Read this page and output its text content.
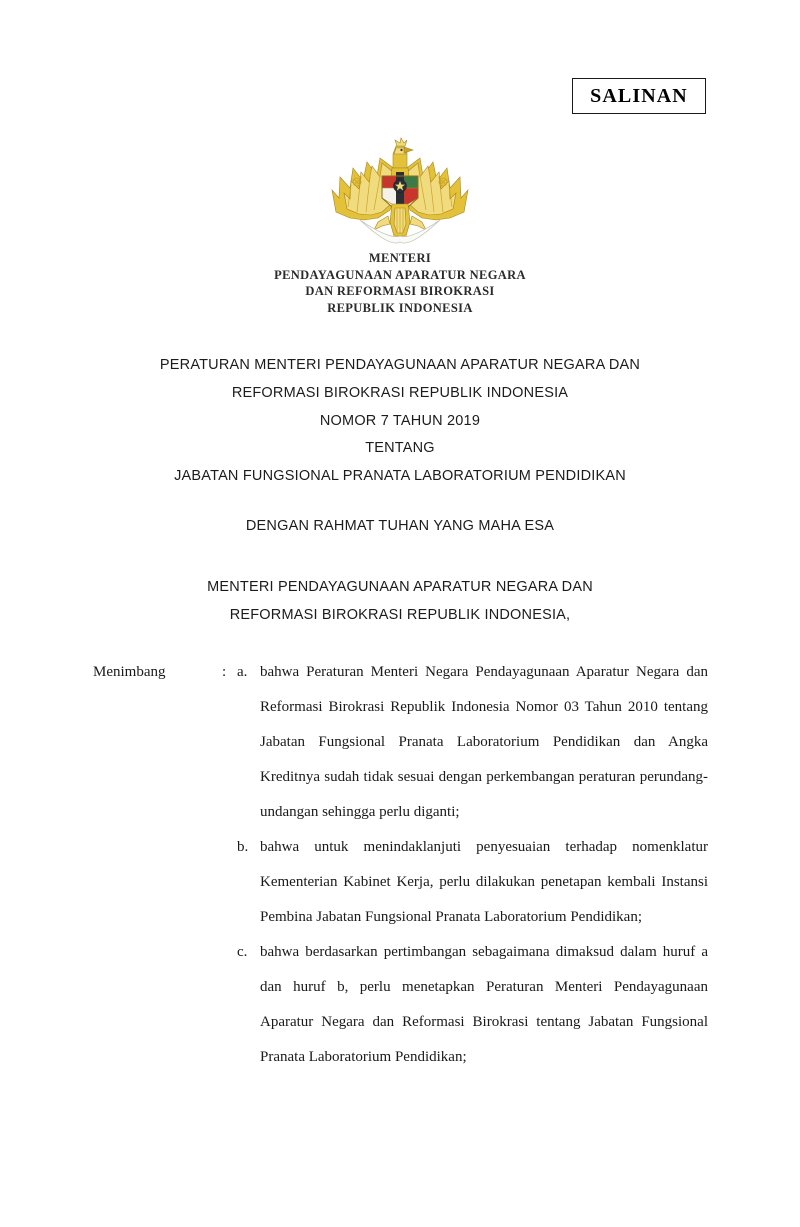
SALINAN
MENTERI
PENDAYAGUNAAN APARATUR NEGARA
DAN REFORMASI BIROKRASI
REPUBLIK INDONESIA
PERATURAN MENTERI PENDAYAGUNAAN APARATUR NEGARA DAN
REFORMASI BIROKRASI REPUBLIK INDONESIA
NOMOR 7 TAHUN 2019
TENTANG
JABATAN FUNGSIONAL PRANATA LABORATORIUM PENDIDIKAN
DENGAN RAHMAT TUHAN YANG MAHA ESA
MENTERI PENDAYAGUNAAN APARATUR NEGARA DAN
REFORMASI BIROKRASI REPUBLIK INDONESIA,
Menimbang	: a. bahwa Peraturan Menteri Negara Pendayagunaan Aparatur Negara dan Reformasi Birokrasi Republik Indonesia Nomor 03 Tahun 2010 tentang Jabatan Fungsional Pranata Laboratorium Pendidikan dan Angka Kreditnya sudah tidak sesuai dengan perkembangan peraturan perundang-undangan sehingga perlu diganti;
b. bahwa untuk menindaklanjuti penyesuaian terhadap nomenklatur Kementerian Kabinet Kerja, perlu dilakukan penetapan kembali Instansi Pembina Jabatan Fungsional Pranata Laboratorium Pendidikan;
c. bahwa berdasarkan pertimbangan sebagaimana dimaksud dalam huruf a dan huruf b, perlu menetapkan Peraturan Menteri Pendayagunaan Aparatur Negara dan Reformasi Birokrasi tentang Jabatan Fungsional Pranata Laboratorium Pendidikan;
